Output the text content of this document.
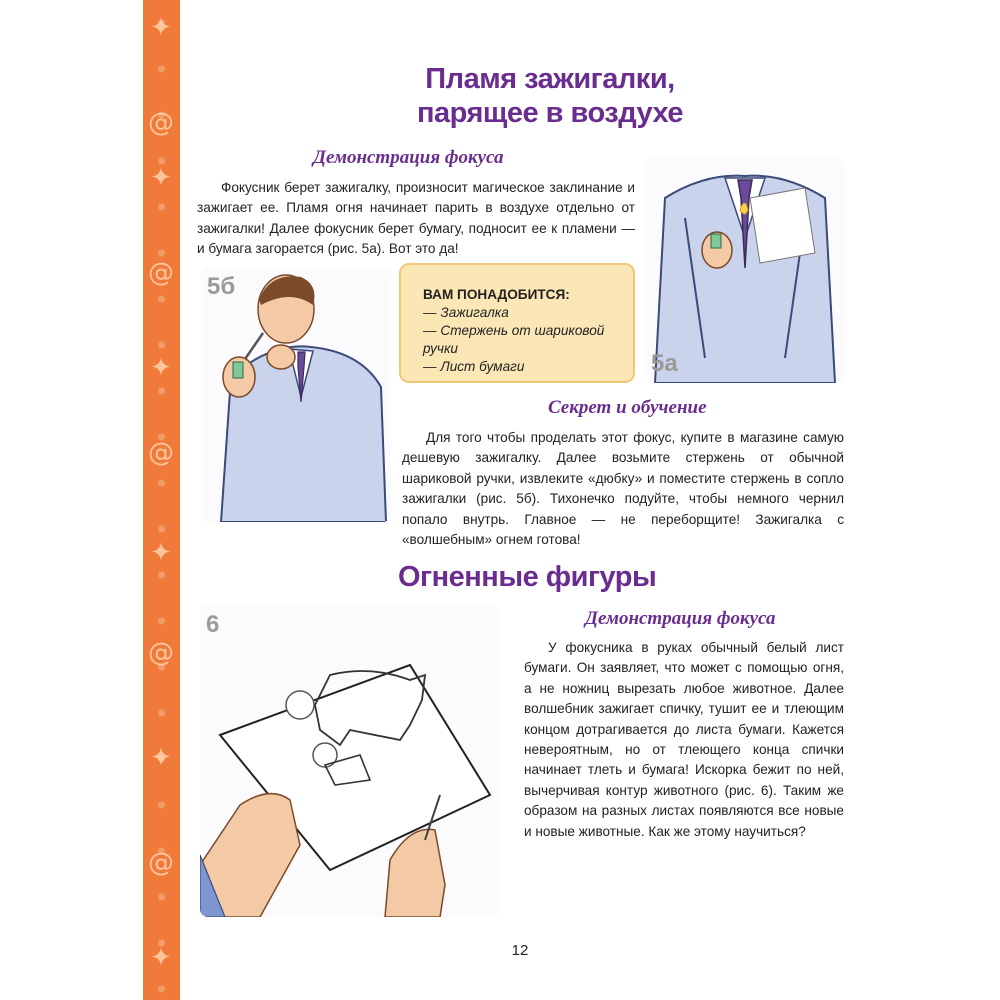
✦
@
✦
@
✦
@
✦
@
✦
@
✦
Пламя зажигалки,
парящее в воздухе
Демонстрация фокуса

Фокусник берет зажигалку, произносит магическое заклинание и зажигает ее. Пламя огня начинает парить в воздухе отдельно от зажигалки! Далее фокусник берет бумагу, подносит ее к пламени — и бумага загорается (рис. 5а). Вот это да!

5а
5б	ВАМ ПОНАДОБИТСЯ:
— Зажигалка
— Стержень от шариковой ручки
— Лист бумаги
Секрет и обучение

Для того чтобы проделать этот фокус, купите в магазине самую дешевую зажигалку. Далее возьмите стержень от обычной шариковой ручки, извлеките «дюбку» и поместите стержень в сопло зажигалки (рис. 5б). Тихонечко подуйте, чтобы немного чернил попало внутрь. Главное — не переборщите! Зажигалка с «волшебным» огнем готова!

Огненные фигуры
6	Демонстрация фокуса

У фокусника в руках обычный белый лист бумаги. Он заявляет, что может с помощью огня, а не ножниц вырезать любое животное. Далее волшебник зажигает спичку, тушит ее и тлеющим концом дотрагивается до листа бумаги. Кажется невероятным, но от тлеющего конца спички начинает тлеть и бумага! Искорка бежит по ней, вычерчивая контур животного (рис. 6). Таким же образом на разных листах появляются все новые и новые животные. Как же этому научиться?

12
